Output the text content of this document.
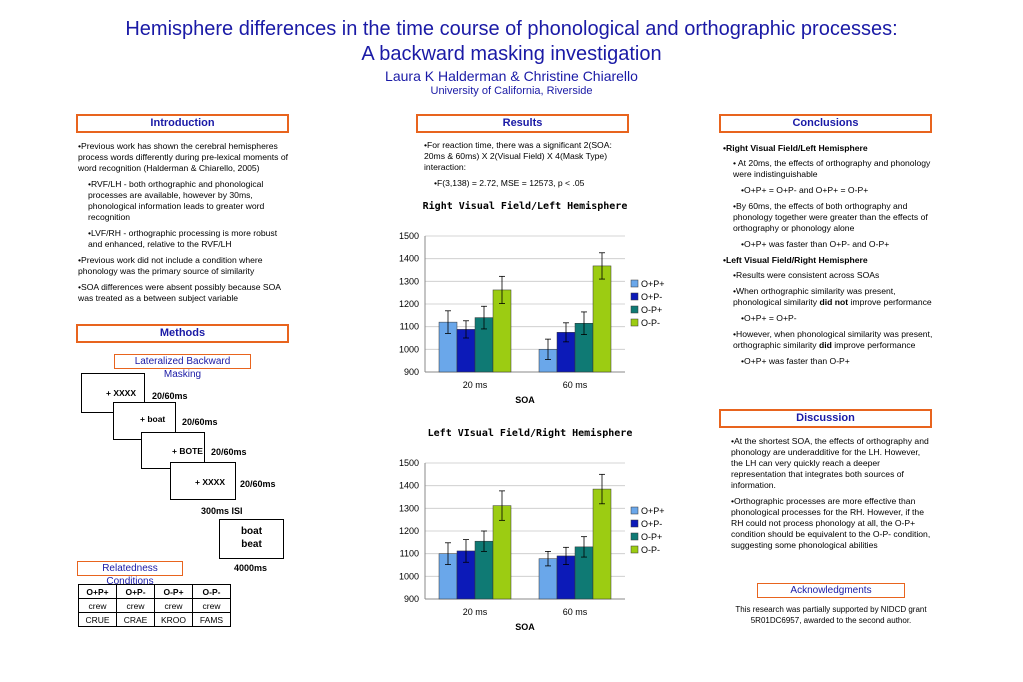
Hemisphere differences in the time course of phonological and orthographic processes:
A backward masking investigation
Laura K Halderman & Christine Chiarello
University of California, Riverside
Introduction

•Previous work has shown the cerebral hemispheres process words differently during pre-lexical moments of word recognition (Halderman & Chiarello, 2005)

•RVF/LH - both orthographic and phonological processes are available, however by 30ms, phonological information leads to greater word recognition

•LVF/RH - orthographic processing is more robust and enhanced, relative to the RVF/LH

•Previous work did not include a condition where phonology was the primary source of similarity

•SOA differences were absent possibly because SOA was treated as a between subject variable

Methods
Lateralized Backward Masking
+ XXXX	20/60ms
+ boat	20/60ms
+ BOTE 20/60ms
+ XXXX	20/60ms
300ms ISI
boat
beat
4000ms
Relatedness Conditions
O+P+	O+P-	O-P+	O-P-
crew	crew	crew	crew
CRUE	CRAE	KROO	FAMS
Results

•For reaction time, there was a significant 2(SOA: 20ms & 60ms) X 2(Visual Field) X 4(Mask Type) interaction:

•F(3,138) = 2.72, MSE = 12573, p < .05

Right Visual Field/Left Hemisphere
900
1000
1100
1200
1300
1400
1500
20 ms	60 ms
SOA
O+P+
O+P-
O-P+
O-P-
Left VIsual Field/Right Hemisphere
900
1000
1100
1200
1300
1400
1500
20 ms	60 ms
SOA
O+P+
O+P-
O-P+
O-P-
Conclusions

•Right Visual Field/Left Hemisphere

• At 20ms, the effects of orthography and phonology were indistinguishable

•O+P+ = O+P- and O+P+ = O-P+

•By 60ms, the effects of both orthography and phonology together were greater than the effects of orthography or phonology alone

•O+P+ was faster than O+P- and O-P+

•Left Visual Field/Right Hemisphere

•Results were consistent across SOAs

•When orthographic similarity was present, phonological similarity did not improve performance

•O+P+ = O+P-

•However, when phonological similarity was present, orthographic similarity did improve performance

•O+P+ was faster than O-P+

Discussion

•At the shortest SOA, the effects of orthography and phonology are underadditive for the LH. However, the LH can very quickly reach a deeper representation that integrates both sources of information.

•Orthographic processes are more effective than phonological processes for the RH. However, if the RH could not process phonology at all, the O-P+ condition should be equivalent to the O-P- condition, suggesting some phonological abilities

Acknowledgments
This research was partially supported by NIDCD grant 5R01DC6957, awarded to the second author.
